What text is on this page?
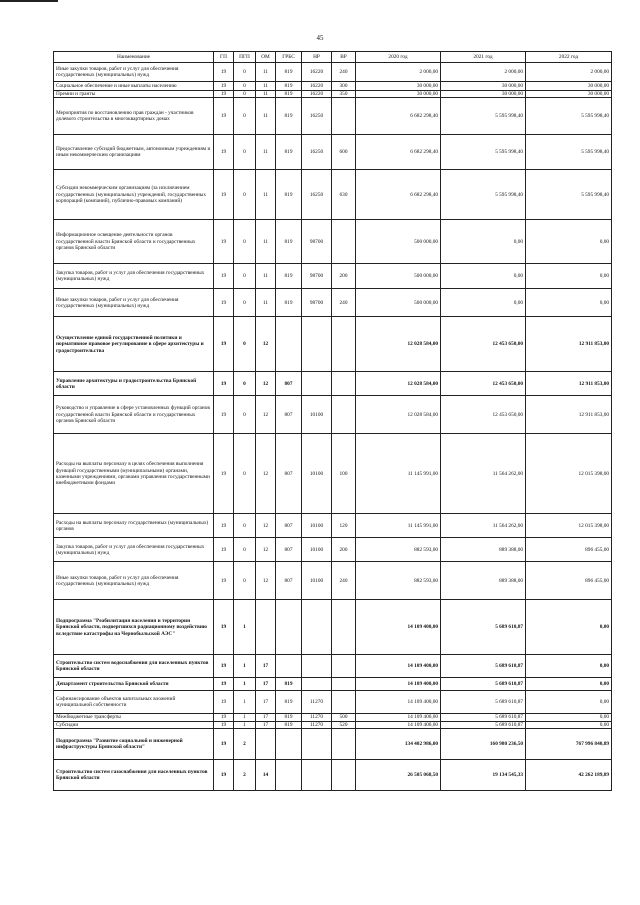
45
Наименование	ГП	ПГП	ОМ	ГРБС	НР	ВР	2020 год	2021 год	2022 год
Иные закупки товаров, работ и услуг для обеспечения государственных (муниципальных) нужд	19	0	11	819	16220	240	2 000,00	2 000,00	2 000,00
Социальное обеспечение и иные выплаты населению	19	0	11	819	16220	300	30 000,00	30 000,00	30 000,00
Премии и гранты	19	0	11	819	16220	350	30 000,00	30 000,00	30 000,00
Мероприятия по восстановлению прав граждан - участников долевого строительства в многоквартирных домах	19	0	11	819	16250		6 682 298,40	5 595 998,40	5 595 998,40
Предоставление субсидий бюджетным, автономным учреждениям и иным некоммерческим организациям	19	0	11	819	16250	600	6 682 298,40	5 595 998,40	5 595 998,40
Субсидии некоммерческим организациям (за исключением государственных (муниципальных) учреждений, государственных корпораций (компаний), публично-правовых компаний)	19	0	11	819	16250	630	6 682 298,40	5 595 998,40	5 595 998,40
Информационное освещение деятельности органов государственной власти Брянской области и государственных органов Брянской области	19	0	11	819	98700		500 000,00	0,00	0,00
Закупка товаров, работ и услуг для обеспечения государственных (муниципальных) нужд	19	0	11	819	98700	200	500 000,00	0,00	0,00
Иные закупки товаров, работ и услуг для обеспечения государственных (муниципальных) нужд	19	0	11	819	98700	240	500 000,00	0,00	0,00
Осуществление единой государственной политики и нормативное правовое регулирование в сфере архитектуры и градостроительства	19	0	12				12 028 584,00	12 453 650,00	12 911 853,00
Управление архитектуры и градостроительства Брянской области	19	0	12	807			12 028 584,00	12 453 650,00	12 911 853,00
Руководство и управление в сфере установленных функций органов государственной власти Брянской области и государственных органов Брянской области	19	0	12	807	10100		12 028 584,00	12 453 650,00	12 911 853,00
Расходы на выплаты персоналу в целях обеспечения выполнения функций государственными (муниципальными) органами, казенными учреждениями, органами управления государственными внебюджетными фондами	19	0	12	807	10100	100	11 145 991,00	11 564 262,00	12 015 398,00
Расходы на выплаты персоналу государственных (муниципальных) органов	19	0	12	807	10100	120	11 145 991,00	11 564 262,00	12 015 398,00
Закупка товаров, работ и услуг для обеспечения государственных (муниципальных) нужд	19	0	12	807	10100	200	882 593,00	889 388,00	896 455,00
Иные закупки товаров, работ и услуг для обеспечения государственных (муниципальных) нужд	19	0	12	807	10100	240	882 593,00	889 388,00	896 455,00
Подпрограмма "Реабилитация населения и территории Брянской области, подвергшихся радиационному воздействию вследствие катастрофы на Чернобыльской АЭС"	19	1					14 109 400,00	5 689 610,87	0,00
Строительство систем водоснабжения для населенных пунктов Брянской области	19	1	17				14 109 400,00	5 689 610,87	0,00
Департамент строительства Брянской области	19	1	17	819			14 109 400,00	5 689 610,87	0,00
Софинансирование объектов капитальных вложений муниципальной собственности	19	1	17	819	11270		14 109 400,00	5 689 610,87	0,00
Межбюджетные трансферты	19	1	17	819	11270	500	14 109 400,00	5 689 610,87	0,00
Субсидии	19	1	17	819	11270	520	14 109 400,00	5 689 610,87	0,00
Подпрограмма "Развитие социальной и инженерной инфраструктуры Брянской области"	19	2					134 402 986,00	160 980 236,50	767 996 840,89
Строительство систем газоснабжения для населенных пунктов Брянской области	19	2	14				26 505 068,50	19 134 545,33	42 262 189,89
